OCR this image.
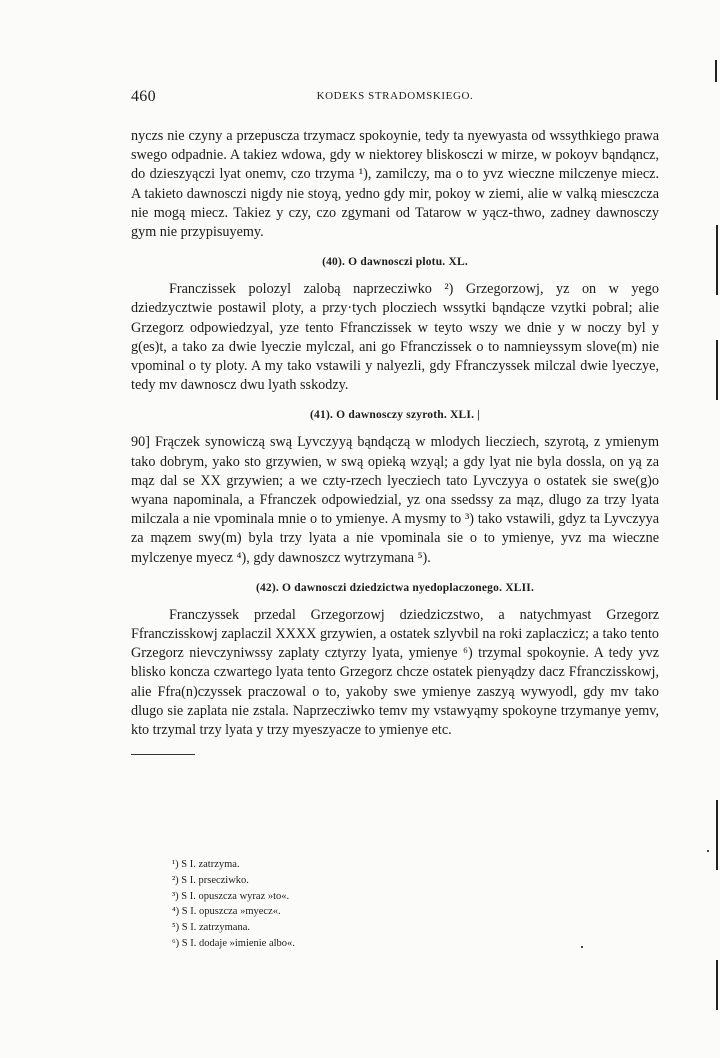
460	KODEKS STRADOMSKIEGO.

nyczs nie czyny a przepuscza trzymacz spokoynie, tedy ta nyewyasta od wssythkiego prawa swego odpadnie. A takiez wdowa, gdy w niektorey bliskosczi w mirze, w pokoyv bąndąncz, do dzieszyączi lyat onemv, czo trzyma ¹), zamilczy, ma o to yvz wieczne milczenye miecz. A takieto dawnosczi nigdy nie stoyą, yedno gdy mir, pokoy w ziemi, alie w valką miesczcza nie mogą miecz. Takiez y czy, czo zgymani od Tatarow w yącz-thwo, zadney dawnosczy gym nie przypisuyemy.

(40). O dawnosczi plotu. XL.

Franczissek polozyl zalobą naprzecziwko ²) Grzegorzowj, yz on w yego dziedzycztwie postawil ploty, a przy·tych plocziech wssytki bąndącze vzytki pobral; alie Grzegorz odpowiedzyal, yze tento Ffranczissek w teyto wszy we dnie y w noczy byl y g(es)t, a tako za dwie lyeczie mylczal, ani go Ffranczissek o to namnieyssym slove(m) nie vpominal o ty ploty. A my tako vstawili y nalyezli, gdy Ffranczyssek milczal dwie lyeczye, tedy mv dawnoscz dwu lyath sskodzy.

(41). O dawnosczy szyroth. XLI. |

90] Frączek synowiczą swą Lyvczyyą bąndączą w mlodych liecziech, szyrotą, z ymienym tako dobrym, yako sto grzywien, w swą opieką wzyąl; a gdy lyat nie byla dossla, on yą za mąz dal se XX grzywien; a we czty-rzech lyecziech tato Lyvczyya o ostatek sie swe(g)o wyana napominala, a Ffranczek odpowiedzial, yz ona ssedssy za mąz, dlugo za trzy lyata milczala a nie vpominala mnie o to ymienye. A mysmy to ³) tako vstawili, gdyz ta Lyvczyya za mązem swy(m) byla trzy lyata a nie vpominala sie o to ymienye, yvz ma wieczne mylczenye myecz ⁴), gdy dawnoszcz wytrzymana ⁵).

(42). O dawnosczi dziedzictwa nyedoplaczonego. XLII.

Franczyssek przedal Grzegorzowj dziedziczstwo, a natychmyast Grzegorz Ffranczisskowj zaplaczil XXXX grzywien, a ostatek szlyvbil na roki zaplaczicz; a tako tento Grzegorz nievczyniwssy zaplaty cztyrzy lyata, ymienye ⁶) trzymal spokoynie. A tedy yvz blisko koncza czwartego lyata tento Grzegorz chcze ostatek pienyądzy dacz Ffranczisskowj, alie Ffra(n)czyssek praczowal o to, yakoby swe ymienye zaszyą wywyodl, gdy mv tako dlugo sie zaplata nie zstala. Naprzecziwko temv my vstawyąmy spokoyne trzymanye yemv, kto trzymal trzy lyata y trzy myeszyacze to ymienye etc.

¹) S I. zatrzyma.
²) S I. prsecziwko.
³) S I. opuszcza wyraz »to«.
⁴) S I. opuszcza »myecz«.
⁵) S I. zatrzymana.
⁶) S I. dodaje »imienie albo«.
